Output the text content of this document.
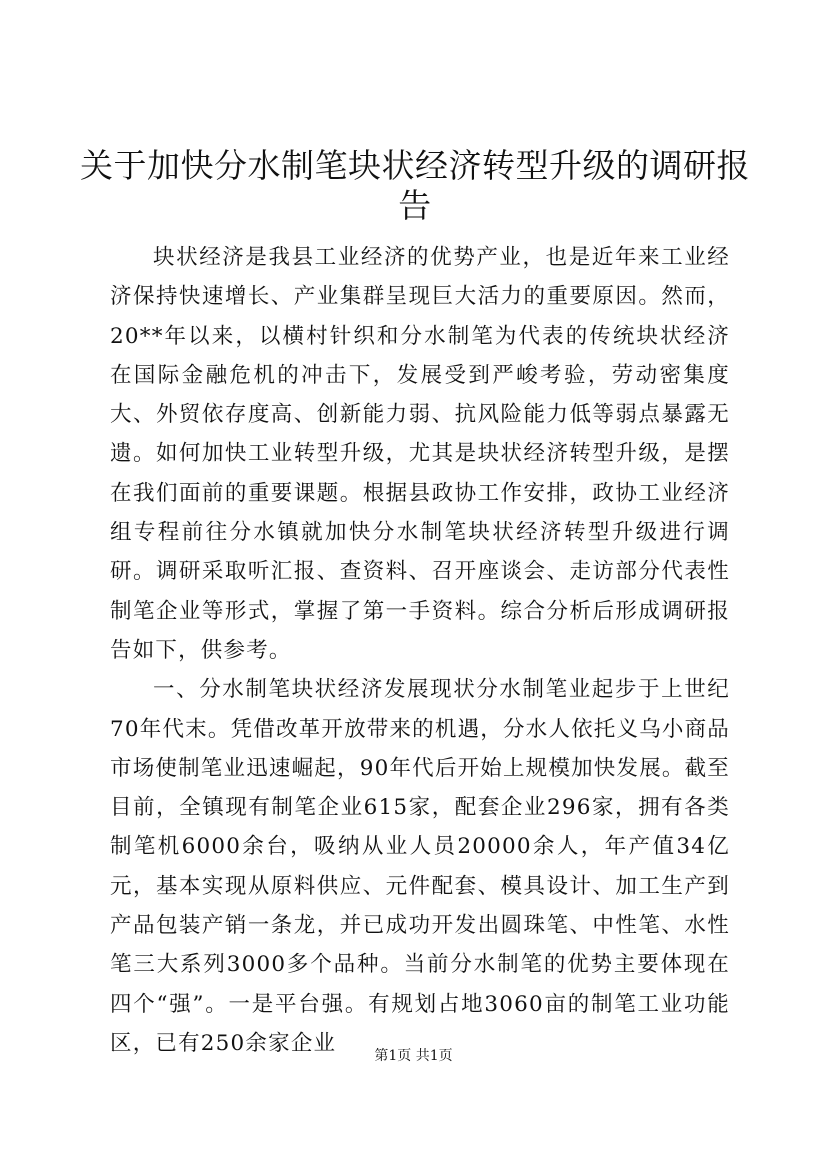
关于加快分水制笔块状经济转型升级的调研报告

块状经济是我县工业经济的优势产业，也是近年来工业经济保持快速增长、产业集群呈现巨大活力的重要原因。然而，20**年以来，以横村针织和分水制笔为代表的传统块状经济在国际金融危机的冲击下，发展受到严峻考验，劳动密集度大、外贸依存度高、创新能力弱、抗风险能力低等弱点暴露无遗。如何加快工业转型升级，尤其是块状经济转型升级，是摆在我们面前的重要课题。根据县政协工作安排，政协工业经济组专程前往分水镇就加快分水制笔块状经济转型升级进行调研。调研采取听汇报、查资料、召开座谈会、走访部分代表性制笔企业等形式，掌握了第一手资料。综合分析后形成调研报告如下，供参考。

一、分水制笔块状经济发展现状分水制笔业起步于上世纪70年代末。凭借改革开放带来的机遇，分水人依托义乌小商品市场使制笔业迅速崛起，90年代后开始上规模加快发展。截至目前，全镇现有制笔企业615家，配套企业296家，拥有各类制笔机6000余台，吸纳从业人员20000余人，年产值34亿元，基本实现从原料供应、元件配套、模具设计、加工生产到产品包装产销一条龙，并已成功开发出圆珠笔、中性笔、水性笔三大系列3000多个品种。当前分水制笔的优势主要体现在四个“强”。一是平台强。有规划占地3060亩的制笔工业功能区，已有250余家企业

第1页 共1页
